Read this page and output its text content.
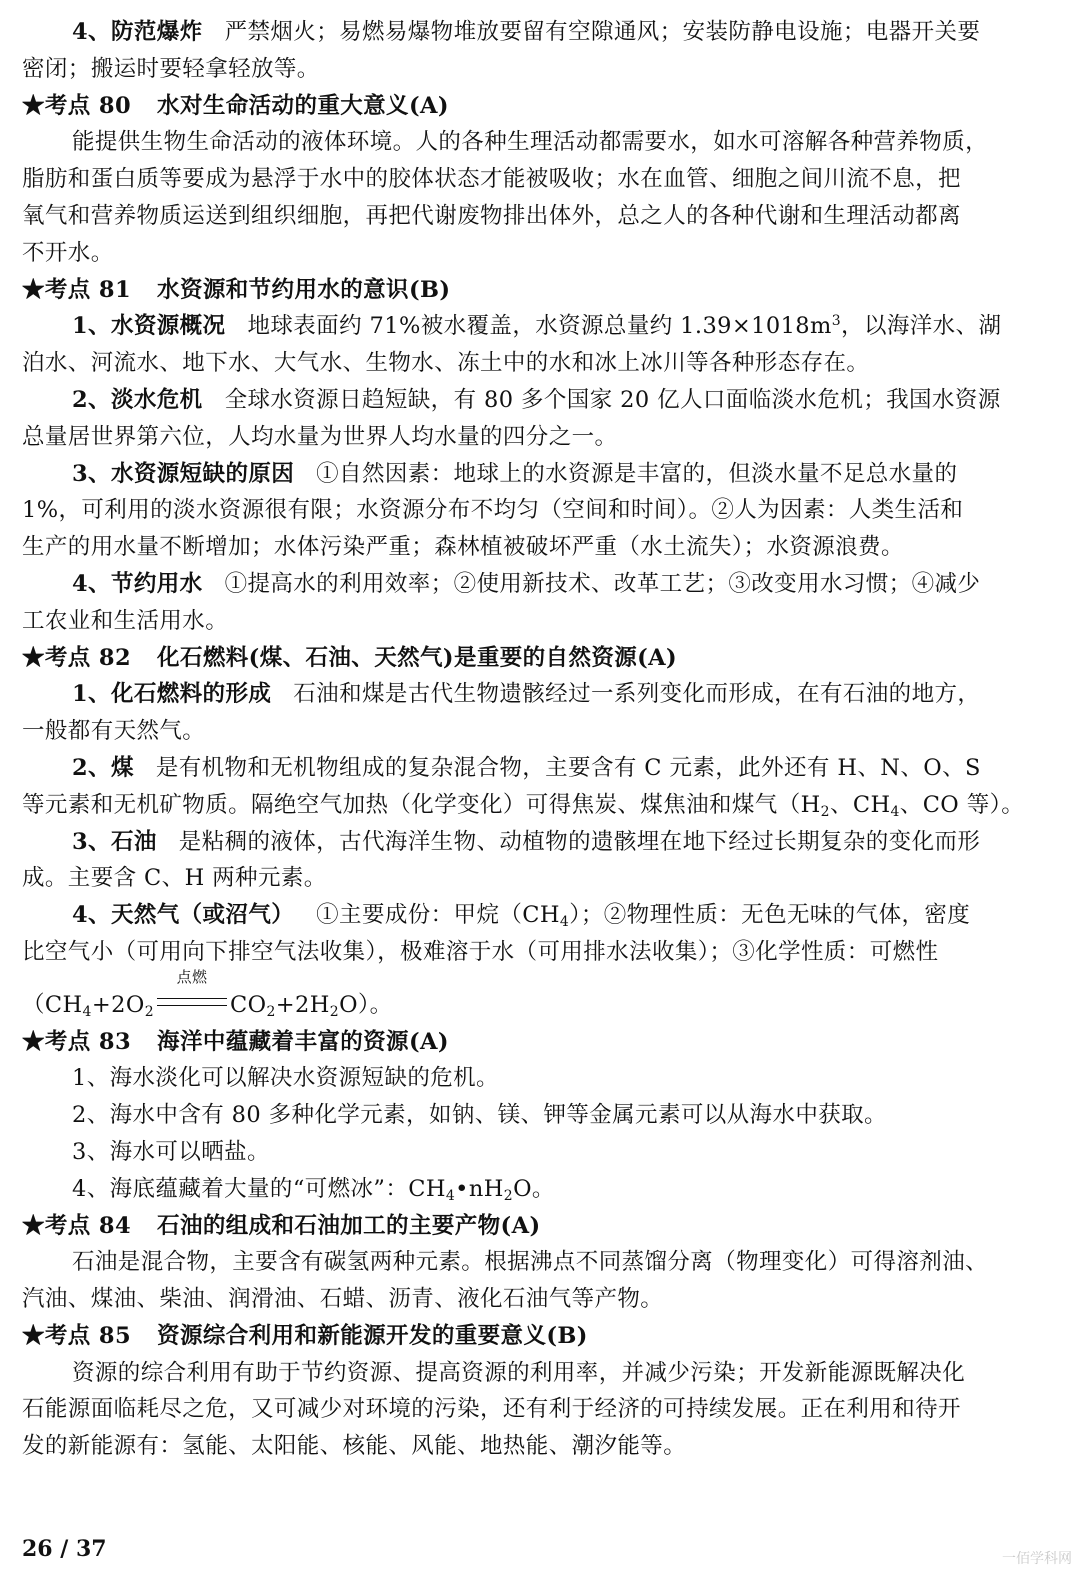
4、防范爆炸 严禁烟火；易燃易爆物堆放要留有空隙通风；安装防静电设施；电器开关要

密闭；搬运时要轻拿轻放等。

★考点 80 水对生命活动的重大意义(A)

能提供生物生命活动的液体环境。人的各种生理活动都需要水，如水可溶解各种营养物质，

脂肪和蛋白质等要成为悬浮于水中的胶体状态才能被吸收；水在血管、细胞之间川流不息，把

氧气和营养物质运送到组织细胞，再把代谢废物排出体外，总之人的各种代谢和生理活动都离

不开水。

★考点 81 水资源和节约用水的意识(B)

1、水资源概况 地球表面约 71%被水覆盖，水资源总量约 $1.39\times 1018m^3$，以海洋水、湖

泊水、河流水、地下水、大气水、生物水、冻土中的水和冰上冰川等各种形态存在。

2、淡水危机 全球水资源日趋短缺，有 80 多个国家 20 亿人口面临淡水危机；我国水资源

总量居世界第六位，人均水量为世界人均水量的四分之一。

3、水资源短缺的原因 ①自然因素：地球上的水资源是丰富的，但淡水量不足总水量的

1%，可利用的淡水资源很有限；水资源分布不均匀（空间和时间）。②人为因素：人类生活和

生产的用水量不断增加；水体污染严重；森林植被破坏严重（水土流失）；水资源浪费。

4、节约用水 ①提高水的利用效率；②使用新技术、改革工艺；③改变用水习惯；④减少

工农业和生活用水。

★考点 82 化石燃料(煤、石油、天然气)是重要的自然资源(A)

1、化石燃料的形成 石油和煤是古代生物遗骸经过一系列变化而形成，在有石油的地方，

一般都有天然气。

2、煤 是有机物和无机物组成的复杂混合物，主要含有 C 元素，此外还有 H、N、O、S

等元素和无机矿物质。隔绝空气加热（化学变化）可得焦炭、煤焦油和煤气（$H_2$、$CH_4$、CO 等）。

3、石油 是粘稠的液体，古代海洋生物、动植物的遗骸埋在地下经过长期复杂的变化而形

成。主要含 C、H 两种元素。

4、天然气（或沼气） ①主要成份：甲烷$(CH_4)$；②物理性质：无色无味的气体，密度

比空气小（可用向下排空气法收集），极难溶于水（可用排水法收集）；③化学性质：可燃性

（$CH_4+2O_2$
点燃
$CO_2+2H_2O$）。

★考点 83 海洋中蕴藏着丰富的资源(A)

1、海水淡化可以解决水资源短缺的危机。

2、海水中含有 80 多种化学元素，如钠、镁、钾等金属元素可以从海水中获取。

3、海水可以晒盐。

4、海底蕴藏着大量的“可燃冰”：$CH_4•nH_2O$。

★考点 84 石油的组成和石油加工的主要产物(A)

石油是混合物，主要含有碳氢两种元素。根据沸点不同蒸馏分离（物理变化）可得溶剂油、

汽油、煤油、柴油、润滑油、石蜡、沥青、液化石油气等产物。

★考点 85 资源综合利用和新能源开发的重要意义(B)

资源的综合利用有助于节约资源、提高资源的利用率，并减少污染；开发新能源既解决化

石能源面临耗尽之危，又可减少对环境的污染，还有利于经济的可持续发展。正在利用和待开

发的新能源有：氢能、太阳能、核能、风能、地热能、潮汐能等。

26 / 37	一佰学科网
